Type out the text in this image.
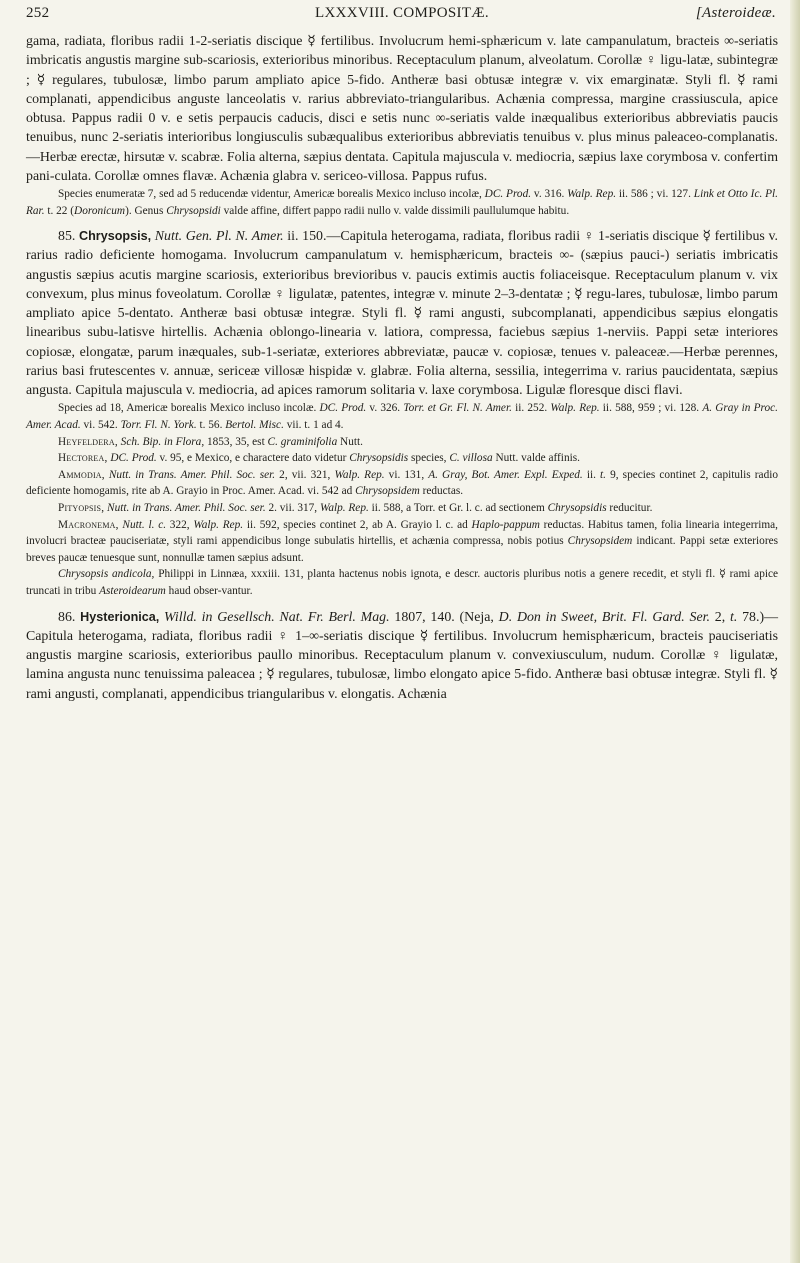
252	LXXXVIII. COMPOSITÆ.	[Asteroideæ.

gama, radiata, floribus radii 1-2-seriatis discique ☿ fertilibus. Involucrum hemi-sphæricum v. late campanulatum, bracteis ∞-seriatis imbricatis angustis margine sub-scariosis, exterioribus minoribus. Receptaculum planum, alveolatum. Corollæ ♀ ligu-latæ, subintegræ ; ☿ regulares, tubulosæ, limbo parum ampliato apice 5-fido. Antheræ basi obtusæ integræ v. vix emarginatæ. Styli fl. ☿ rami complanati, appendicibus anguste lanceolatis v. rarius abbreviato-triangularibus. Achænia compressa, margine crassiuscula, apice obtusa. Pappus radii 0 v. e setis perpaucis caducis, disci e setis nunc ∞-seriatis valde inæqualibus exterioribus abbreviatis paucis tenuibus, nunc 2-seriatis interioribus longiusculis subæqualibus exterioribus abbreviatis tenuibus v. plus minus paleaceo-complanatis.—Herbæ erectæ, hirsutæ v. scabræ. Folia alterna, sæpius dentata. Capitula majuscula v. mediocria, sæpius laxe corymbosa v. confertim pani-culata. Corollæ omnes flavæ. Achænia glabra v. sericeo-villosa. Pappus rufus.

Species enumeratæ 7, sed ad 5 reducendæ videntur, Americæ borealis Mexico incluso incolæ, DC. Prod. v. 316. Walp. Rep. ii. 586 ; vi. 127. Link et Otto Ic. Pl. Rar. t. 22 (Doronicum). Genus Chrysopsidi valde affine, differt pappo radii nullo v. valde dissimili paullulumque habitu.

85. Chrysopsis, Nutt. Gen. Pl. N. Amer. ii. 150.—Capitula heterogama, radiata, floribus radii ♀ 1-seriatis discique ☿ fertilibus v. rarius radio deficiente homogama. Involucrum campanulatum v. hemisphæricum, bracteis ∞- (sæpius pauci-) seriatis imbricatis angustis sæpius acutis margine scariosis, exterioribus brevioribus v. paucis extimis auctis foliaceisque. Receptaculum planum v. vix convexum, plus minus foveolatum. Corollæ ♀ ligulatæ, patentes, integræ v. minute 2–3-dentatæ ; ☿ regu-lares, tubulosæ, limbo parum ampliato apice 5-dentato. Antheræ basi obtusæ integræ. Styli fl. ☿ rami angusti, subcomplanati, appendicibus sæpius elongatis linearibus subu-latisve hirtellis. Achænia oblongo-linearia v. latiora, compressa, faciebus sæpius 1-nerviis. Pappi setæ interiores copiosæ, elongatæ, parum inæquales, sub-1-seriatæ, exteriores abbreviatæ, paucæ v. copiosæ, tenues v. paleaceæ.—Herbæ perennes, rarius basi frutescentes v. annuæ, sericeæ villosæ hispidæ v. glabræ. Folia alterna, sessilia, integerrima v. rarius paucidentata, sæpius angusta. Capitula majuscula v. mediocria, ad apices ramorum solitaria v. laxe corymbosa. Ligulæ floresque disci flavi.

Species ad 18, Americæ borealis Mexico incluso incolæ. DC. Prod. v. 326. Torr. et Gr. Fl. N. Amer. ii. 252. Walp. Rep. ii. 588, 959 ; vi. 128. A. Gray in Proc. Amer. Acad. vi. 542. Torr. Fl. N. York. t. 56. Bertol. Misc. vii. t. 1 ad 4.

Heyfeldera, Sch. Bip. in Flora, 1853, 35, est C. graminifolia Nutt.

Hectorea, DC. Prod. v. 95, e Mexico, e charactere dato videtur Chrysopsidis species, C. villosa Nutt. valde affinis.

Ammodia, Nutt. in Trans. Amer. Phil. Soc. ser. 2, vii. 321, Walp. Rep. vi. 131, A. Gray, Bot. Amer. Expl. Exped. ii. t. 9, species continet 2, capitulis radio deficiente homogamis, rite ab A. Grayio in Proc. Amer. Acad. vi. 542 ad Chrysopsidem reductas.

Pityopsis, Nutt. in Trans. Amer. Phil. Soc. ser. 2. vii. 317, Walp. Rep. ii. 588, a Torr. et Gr. l. c. ad sectionem Chrysopsidis reducitur.

Macronema, Nutt. l. c. 322, Walp. Rep. ii. 592, species continet 2, ab A. Grayio l. c. ad Haplo-pappum reductas. Habitus tamen, folia linearia integerrima, involucri bracteæ pauciseriatæ, styli rami appendicibus longe subulatis hirtellis, et achænia compressa, nobis potius Chrysopsidem indicant. Pappi setæ exteriores breves paucæ tenuesque sunt, nonnullæ tamen sæpius adsunt.

Chrysopsis andicola, Philippi in Linnæa, xxxiii. 131, planta hactenus nobis ignota, e descr. auctoris pluribus notis a genere recedit, et styli fl. ☿ rami apice truncati in tribu Asteroidearum haud obser-vantur.

86. Hysterionica, Willd. in Gesellsch. Nat. Fr. Berl. Mag. 1807, 140. (Neja, D. Don in Sweet, Brit. Fl. Gard. Ser. 2, t. 78.)—Capitula heterogama, radiata, floribus radii ♀ 1–∞-seriatis discique ☿ fertilibus. Involucrum hemisphæricum, bracteis pauciseriatis angustis margine scariosis, exterioribus paullo minoribus. Receptaculum planum v. convexiusculum, nudum. Corollæ ♀ ligulatæ, lamina angusta nunc tenuissima paleacea ; ☿ regulares, tubulosæ, limbo elongato apice 5-fido. Antheræ basi obtusæ integræ. Styli fl. ☿ rami angusti, complanati, appendicibus triangularibus v. elongatis. Achænia
